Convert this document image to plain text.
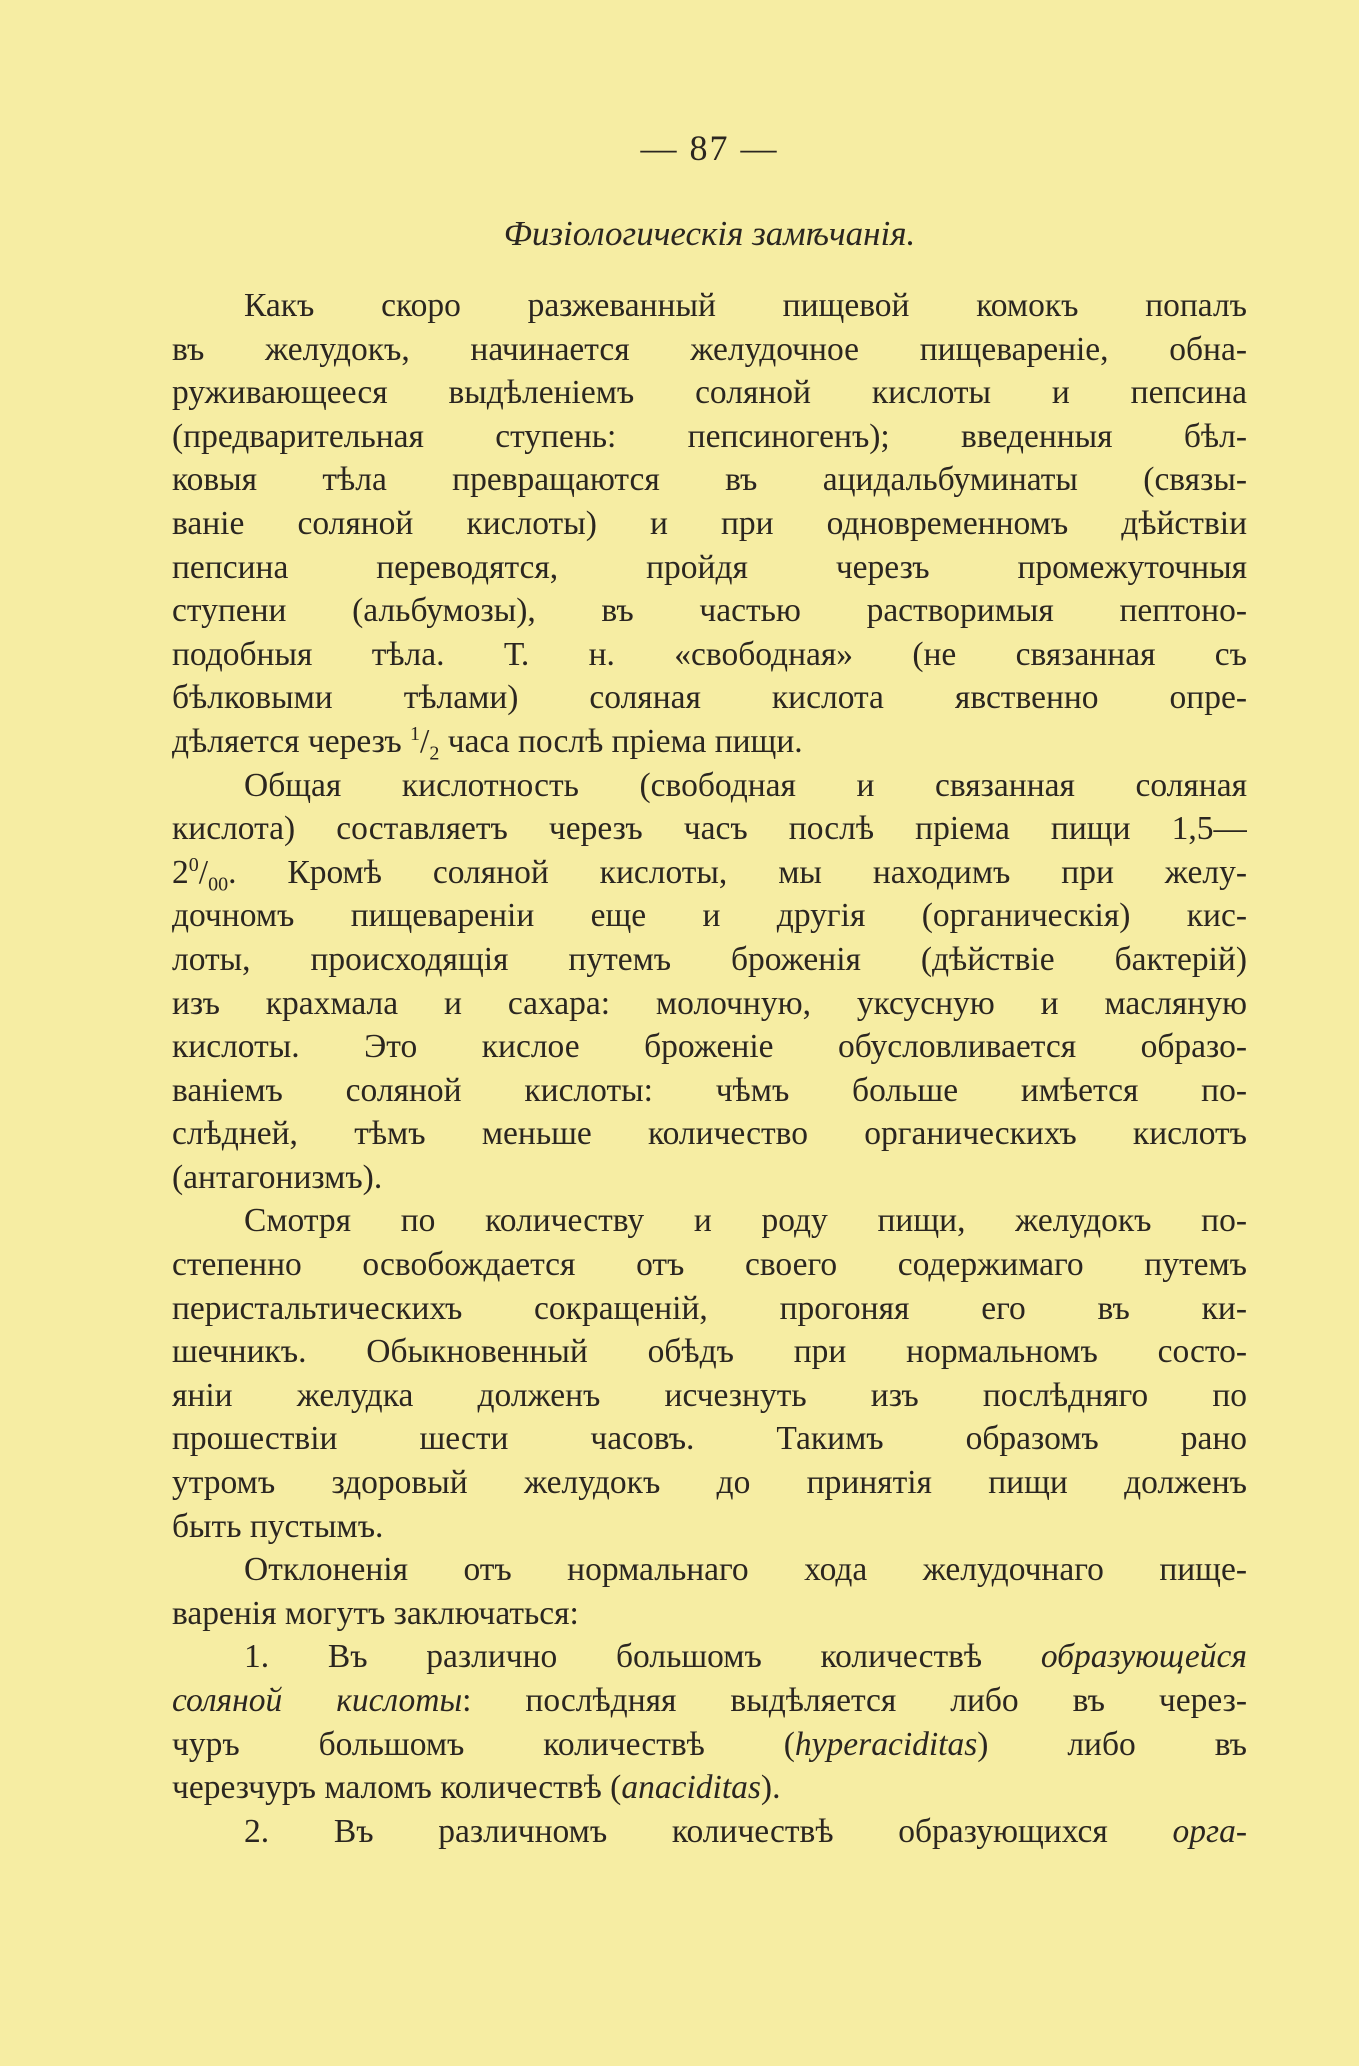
— 87 —
Физiологическiя замѣчанiя.
Какъ скоро разжеванный пищевой комокъ попалъ
въ желудокъ, начинается желудочное пищеваренiе, обна-
руживающееся выдѣленiемъ соляной кислоты и пепсина
(предварительная ступень: пепсиногенъ); введенныя бѣл-
ковыя тѣла превращаются въ ацидальбуминаты (связы-
ванiе соляной кислоты) и при одновременномъ дѣйствiи
пепсина переводятся, пройдя черезъ промежуточныя
ступени (альбумозы), въ частью растворимыя пептоно-
подобныя тѣла. Т. н. «свободная» (не связанная съ
бѣлковыми тѣлами) соляная кислота явственно опре-
дѣляется черезъ $^1/_2$ часа послѣ прiема пищи.
Общая кислотность (свободная и связанная соляная
кислота) составляетъ черезъ часъ послѣ прiема пищи 1,5—
$2^0/_{00}$. Кромѣ соляной кислоты, мы находимъ при желу-
дочномъ пищеваренiи еще и другiя (органическiя) кис-
лоты, происходящiя путемъ броженiя (дѣйствiе бактерiй)
изъ крахмала и сахара: молочную, уксусную и масляную
кислоты. Это кислое броженiе обусловливается образо-
ванiемъ соляной кислоты: чѣмъ больше имѣется по-
слѣдней, тѣмъ меньше количество органическихъ кислотъ
(антагонизмъ).
Смотря по количеству и роду пищи, желудокъ по-
степенно освобождается отъ своего содержимаго путемъ
перистальтическихъ сокращенiй, прогоняя его въ ки-
шечникъ. Обыкновенный обѣдъ при нормальномъ состо-
янiи желудка долженъ исчезнуть изъ послѣдняго по
прошествiи шести часовъ. Такимъ образомъ рано
утромъ здоровый желудокъ до принятiя пищи долженъ
быть пустымъ.
Отклоненiя отъ нормальнаго хода желудочнаго пище-
варенiя могутъ заключаться:
1. Въ различно большомъ количествѣ образующейся
соляной кислоты: послѣдняя выдѣляется либо въ через-
чуръ большомъ количествѣ (hyperaciditas) либо въ
черезчуръ маломъ количествѣ (anaciditas).
2. Въ различномъ количествѣ образующихся орга-
